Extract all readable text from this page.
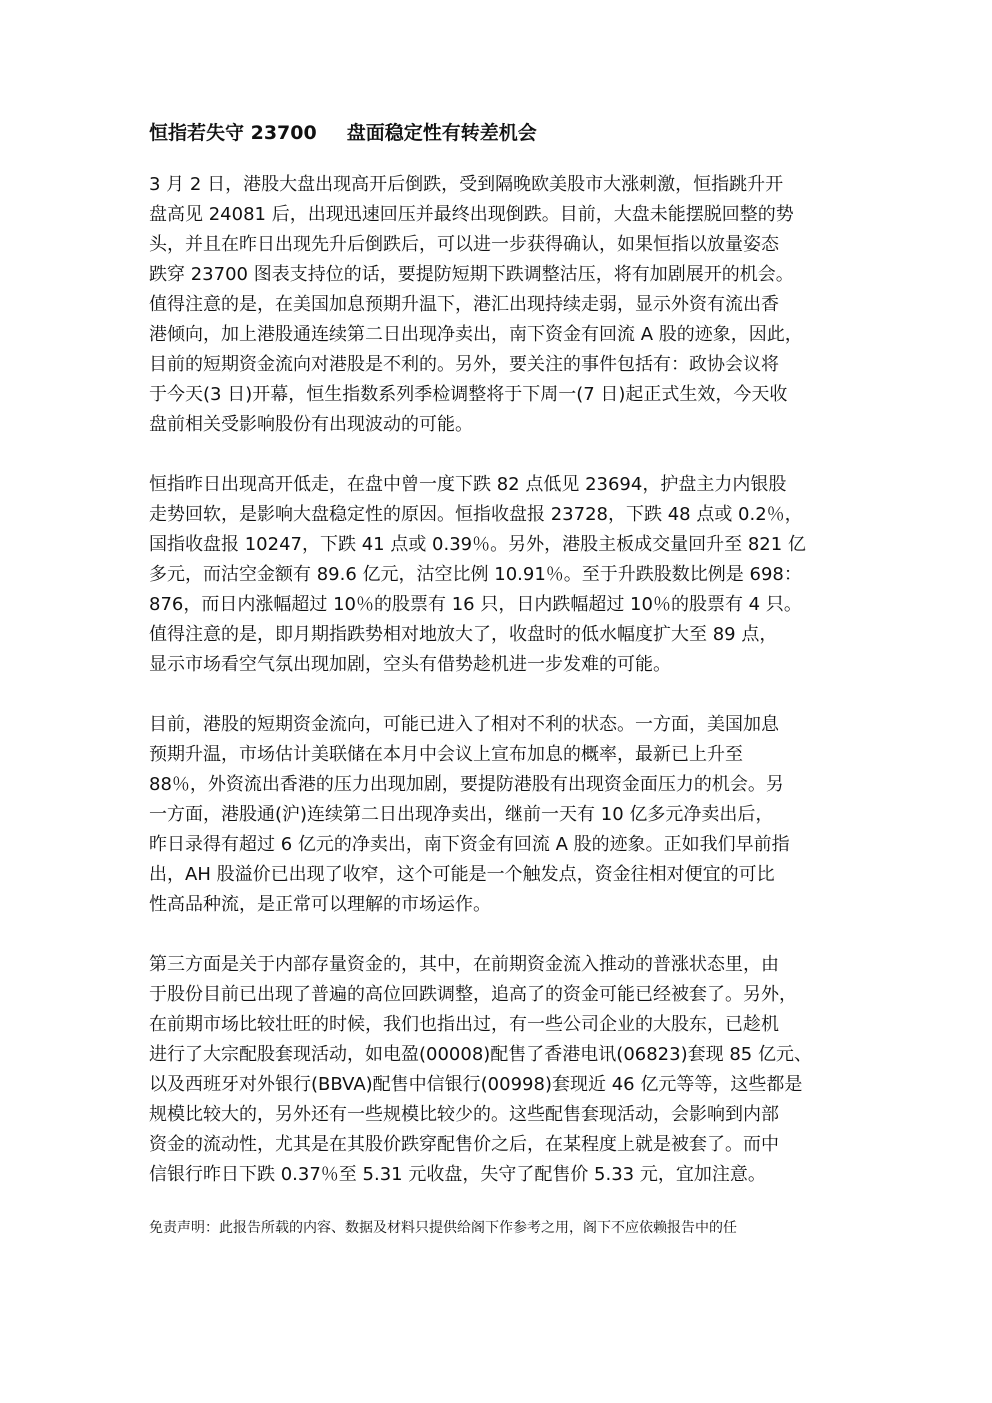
恒指若失守 23700 盘面稳定性有转差机会
3 月 2 日，港股大盘出现高开后倒跌，受到隔晚欧美股市大涨刺激，恒指跳升开
盘高见 24081 后，出现迅速回压并最终出现倒跌。目前，大盘未能摆脱回整的势
头，并且在昨日出现先升后倒跌后，可以进一步获得确认，如果恒指以放量姿态
跌穿 23700 图表支持位的话，要提防短期下跌调整沽压，将有加剧展开的机会。
值得注意的是，在美国加息预期升温下，港汇出现持续走弱，显示外资有流出香
港倾向，加上港股通连续第二日出现净卖出，南下资金有回流 A 股的迹象，因此，
目前的短期资金流向对港股是不利的。另外，要关注的事件包括有：政协会议将
于今天(3 日)开幕，恒生指数系列季检调整将于下周一(7 日)起正式生效，今天收
盘前相关受影响股份有出现波动的可能。
恒指昨日出现高开低走，在盘中曾一度下跌 82 点低见 23694，护盘主力内银股
走势回软，是影响大盘稳定性的原因。恒指收盘报 23728，下跌 48 点或 0.2％，
国指收盘报 10247，下跌 41 点或 0.39％。另外，港股主板成交量回升至 821 亿
多元，而沽空金额有 89.6 亿元，沽空比例 10.91％。至于升跌股数比例是 698：
876，而日内涨幅超过 10％的股票有 16 只，日内跌幅超过 10％的股票有 4 只。
值得注意的是，即月期指跌势相对地放大了，收盘时的低水幅度扩大至 89 点，
显示市场看空气氛出现加剧，空头有借势趁机进一步发难的可能。
目前，港股的短期资金流向，可能已进入了相对不利的状态。一方面，美国加息
预期升温，市场估计美联储在本月中会议上宣布加息的概率，最新已上升至
88％，外资流出香港的压力出现加剧，要提防港股有出现资金面压力的机会。另
一方面，港股通(沪)连续第二日出现净卖出，继前一天有 10 亿多元净卖出后，
昨日录得有超过 6 亿元的净卖出，南下资金有回流 A 股的迹象。正如我们早前指
出，AH 股溢价已出现了收窄，这个可能是一个触发点，资金往相对便宜的可比
性高品种流，是正常可以理解的市场运作。
第三方面是关于内部存量资金的，其中，在前期资金流入推动的普涨状态里，由
于股份目前已出现了普遍的高位回跌调整，追高了的资金可能已经被套了。另外，
在前期市场比较壮旺的时候，我们也指出过，有一些公司企业的大股东，已趁机
进行了大宗配股套现活动，如电盈(00008)配售了香港电讯(06823)套现 85 亿元、
以及西班牙对外银行(BBVA)配售中信银行(00998)套现近 46 亿元等等，这些都是
规模比较大的，另外还有一些规模比较少的。这些配售套现活动，会影响到内部
资金的流动性，尤其是在其股价跌穿配售价之后，在某程度上就是被套了。而中
信银行昨日下跌 0.37％至 5.31 元收盘，失守了配售价 5.33 元，宜加注意。
免责声明：此报告所载的内容、数据及材料只提供给阁下作参考之用，阁下不应依赖报告中的任
